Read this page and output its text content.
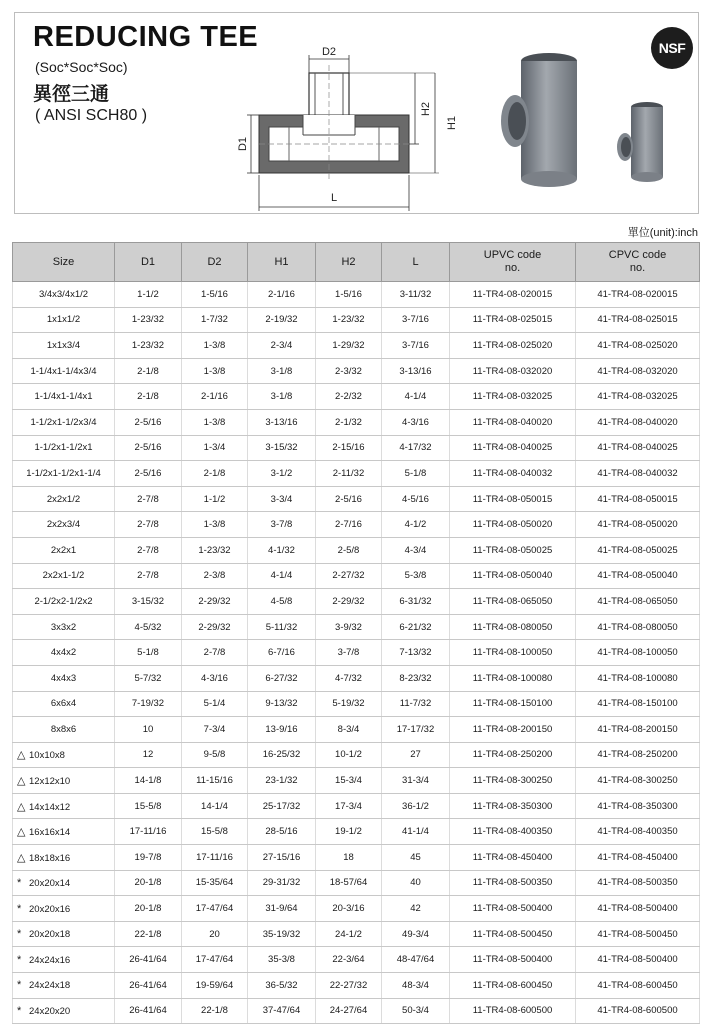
REDUCING TEE
(Soc*Soc*Soc)
異徑三通
( ANSI SCH80 )
D2
D1
H2
H1
L
NSF
單位(unit):inch
Size	D1	D2	H1	H2	L	UPVC code no.	CPVC code no.
3/4x3/4x1/2	1-1/2	1-5/16	2-1/16	1-5/16	3-11/32	11-TR4-08-020015	41-TR4-08-020015
1x1x1/2	1-23/32	1-7/32	2-19/32	1-23/32	3-7/16	11-TR4-08-025015	41-TR4-08-025015
1x1x3/4	1-23/32	1-3/8	2-3/4	1-29/32	3-7/16	11-TR4-08-025020	41-TR4-08-025020
1-1/4x1-1/4x3/4	2-1/8	1-3/8	3-1/8	2-3/32	3-13/16	11-TR4-08-032020	41-TR4-08-032020
1-1/4x1-1/4x1	2-1/8	2-1/16	3-1/8	2-2/32	4-1/4	11-TR4-08-032025	41-TR4-08-032025
1-1/2x1-1/2x3/4	2-5/16	1-3/8	3-13/16	2-1/32	4-3/16	11-TR4-08-040020	41-TR4-08-040020
1-1/2x1-1/2x1	2-5/16	1-3/4	3-15/32	2-15/16	4-17/32	11-TR4-08-040025	41-TR4-08-040025
1-1/2x1-1/2x1-1/4	2-5/16	2-1/8	3-1/2	2-11/32	5-1/8	11-TR4-08-040032	41-TR4-08-040032
2x2x1/2	2-7/8	1-1/2	3-3/4	2-5/16	4-5/16	11-TR4-08-050015	41-TR4-08-050015
2x2x3/4	2-7/8	1-3/8	3-7/8	2-7/16	4-1/2	11-TR4-08-050020	41-TR4-08-050020
2x2x1	2-7/8	1-23/32	4-1/32	2-5/8	4-3/4	11-TR4-08-050025	41-TR4-08-050025
2x2x1-1/2	2-7/8	2-3/8	4-1/4	2-27/32	5-3/8	11-TR4-08-050040	41-TR4-08-050040
2-1/2x2-1/2x2	3-15/32	2-29/32	4-5/8	2-29/32	6-31/32	11-TR4-08-065050	41-TR4-08-065050
3x3x2	4-5/32	2-29/32	5-11/32	3-9/32	6-21/32	11-TR4-08-080050	41-TR4-08-080050
4x4x2	5-1/8	2-7/8	6-7/16	3-7/8	7-13/32	11-TR4-08-100050	41-TR4-08-100050
4x4x3	5-7/32	4-3/16	6-27/32	4-7/32	8-23/32	11-TR4-08-100080	41-TR4-08-100080
6x6x4	7-19/32	5-1/4	9-13/32	5-19/32	11-7/32	11-TR4-08-150100	41-TR4-08-150100
8x8x6	10	7-3/4	13-9/16	8-3/4	17-17/32	11-TR4-08-200150	41-TR4-08-200150
△ 10x10x8	12	9-5/8	16-25/32	10-1/2	27	11-TR4-08-250200	41-TR4-08-250200
△ 12x12x10	14-1/8	11-15/16	23-1/32	15-3/4	31-3/4	11-TR4-08-300250	41-TR4-08-300250
△ 14x14x12	15-5/8	14-1/4	25-17/32	17-3/4	36-1/2	11-TR4-08-350300	41-TR4-08-350300
△ 16x16x14	17-11/16	15-5/8	28-5/16	19-1/2	41-1/4	11-TR4-08-400350	41-TR4-08-400350
△ 18x18x16	19-7/8	17-11/16	27-15/16	18	45	11-TR4-08-450400	41-TR4-08-450400
* 20x20x14	20-1/8	15-35/64	29-31/32	18-57/64	40	11-TR4-08-500350	41-TR4-08-500350
* 20x20x16	20-1/8	17-47/64	31-9/64	20-3/16	42	11-TR4-08-500400	41-TR4-08-500400
* 20x20x18	22-1/8	20	35-19/32	24-1/2	49-3/4	11-TR4-08-500450	41-TR4-08-500450
* 24x24x16	26-41/64	17-47/64	35-3/8	22-3/64	48-47/64	11-TR4-08-500400	41-TR4-08-500400
* 24x24x18	26-41/64	19-59/64	36-5/32	22-27/32	48-3/4	11-TR4-08-600450	41-TR4-08-600450
* 24x20x20	26-41/64	22-1/8	37-47/64	24-27/64	50-3/4	11-TR4-08-600500	41-TR4-08-600500
